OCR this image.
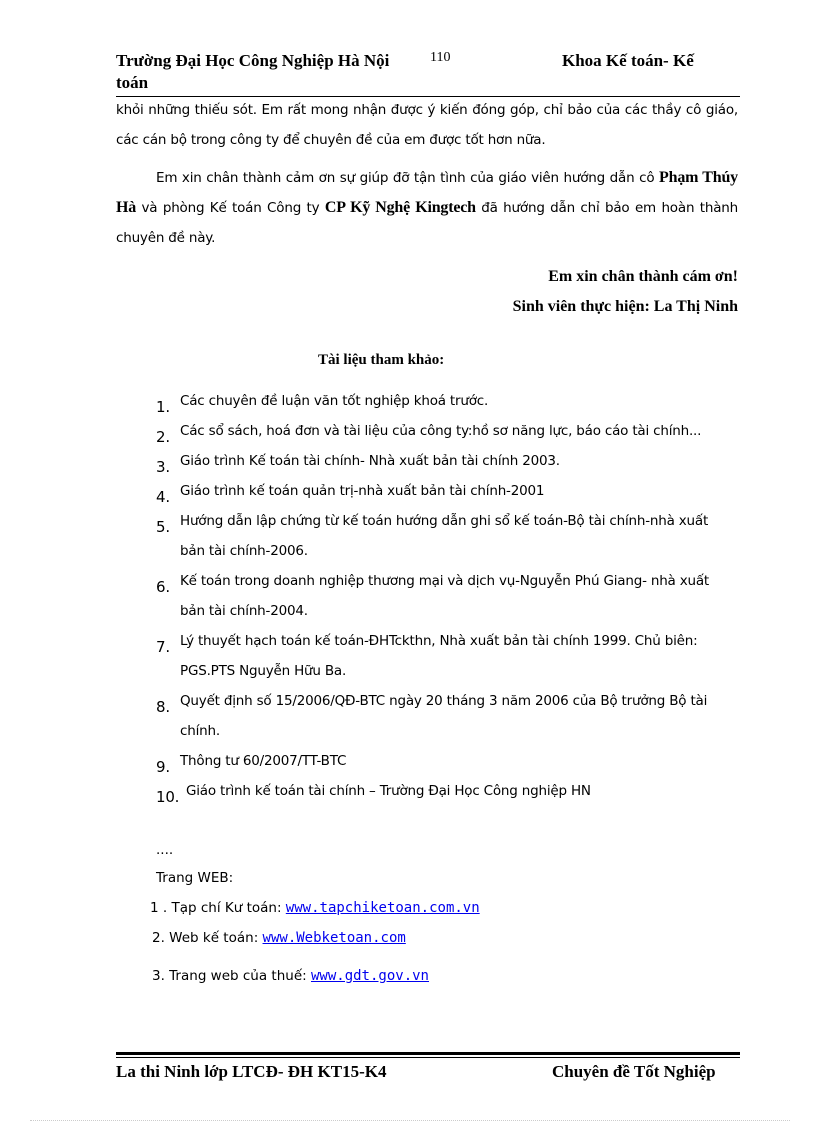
Trường Đại Học Công Nghiệp Hà Nội
toán
110	Khoa Kế toán- Kế
khỏi những thiếu sót. Em rất mong nhận được ý kiến đóng góp, chỉ bảo của các thầy cô giáo, các cán bộ trong công ty để chuyên đề của em được tốt hơn nữa.
Em xin chân thành cảm ơn sự giúp đỡ tận tình của giáo viên hướng dẫn cô Phạm Thúy Hà và phòng Kế toán Công ty CP Kỹ Nghệ Kingtech đã hướng dẫn chỉ bảo em hoàn thành chuyên đề này.
Em xin chân thành cám ơn!
Sinh viên thực hiện: La Thị Ninh
Tài liệu tham khảo:
1. Các chuyên đề luận văn tốt nghiệp khoá trước.
2. Các sổ sách, hoá đơn và tài liệu của công ty:hồ sơ năng lực, báo cáo tài chính...
3. Giáo trình Kế toán tài chính- Nhà xuất bản tài chính 2003.
4. Giáo trình kế toán quản trị-nhà xuất bản tài chính-2001
5. Hướng dẫn lập chứng từ kế toán hướng dẫn ghi sổ kế toán-Bộ tài chính-nhà xuất bản tài chính-2006.
6. Kế toán trong doanh nghiệp thương mại và dịch vụ-Nguyễn Phú Giang- nhà xuất bản tài chính-2004.
7. Lý thuyết hạch toán kế toán-ĐHTckthn, Nhà xuất bản tài chính 1999. Chủ biên: PGS.PTS Nguyễn Hữu Ba.
8. Quyết định số 15/2006/QĐ-BTC ngày 20 tháng 3 năm 2006 của Bộ trưởng Bộ tài chính.
9. Thông tư 60/2007/TT-BTC
10. Giáo trình kế toán tài chính – Trường Đại Học Công nghiệp HN
....
Trang WEB:
1 . Tạp chí Kư toán: www.tapchiketoan.com.vn
2. Web kế toán: www.Webketoan.com
3. Trang web của thuế: www.gdt.gov.vn
La thi Ninh lớp LTCĐ- ĐH KT15-K4	Chuyên đề Tốt Nghiệp
